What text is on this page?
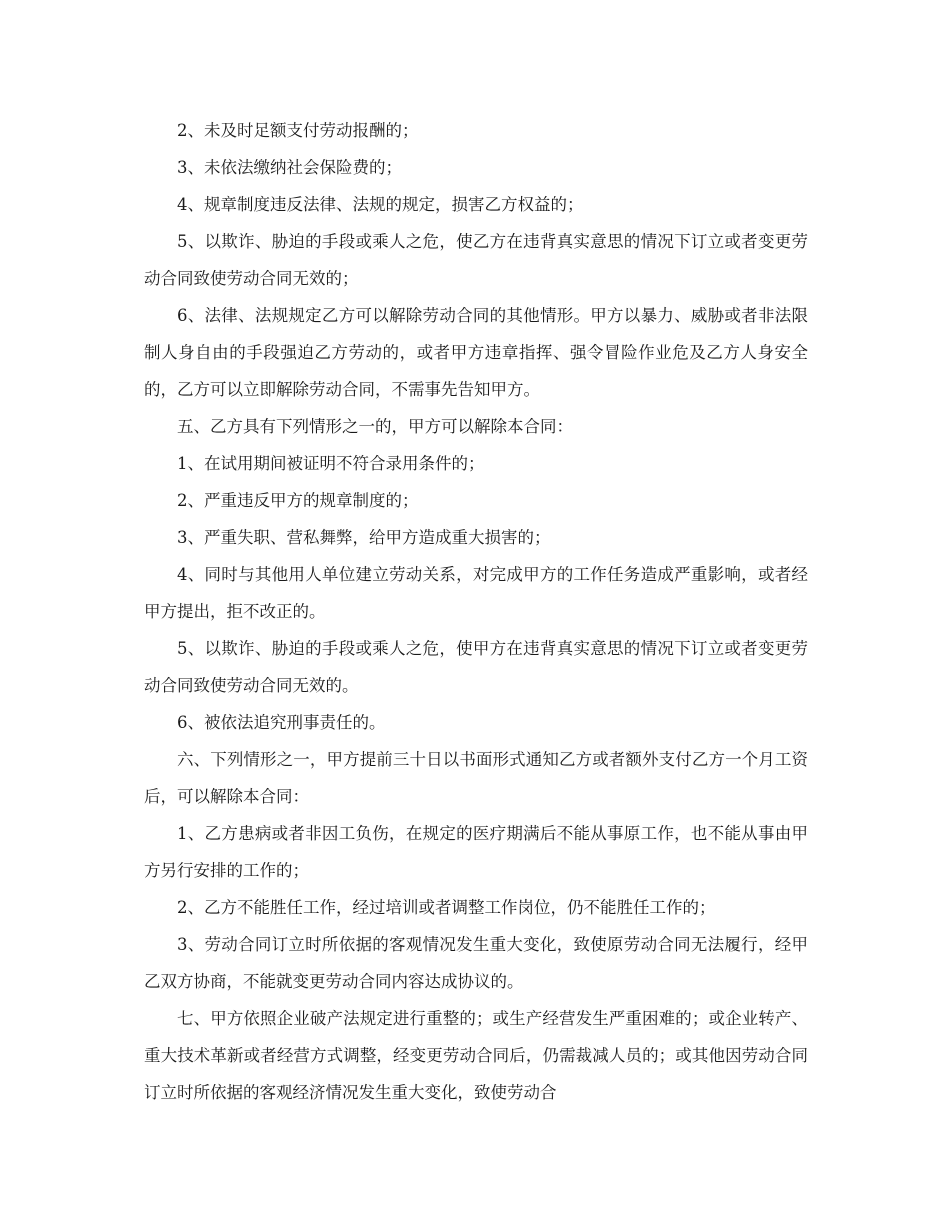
2、未及时足额支付劳动报酬的；

3、未依法缴纳社会保险费的；

4、规章制度违反法律、法规的规定，损害乙方权益的；

5、以欺诈、胁迫的手段或乘人之危，使乙方在违背真实意思的情况下订立或者变更劳动合同致使劳动合同无效的；

6、法律、法规规定乙方可以解除劳动合同的其他情形。甲方以暴力、威胁或者非法限制人身自由的手段强迫乙方劳动的，或者甲方违章指挥、强令冒险作业危及乙方人身安全的，乙方可以立即解除劳动合同，不需事先告知甲方。

五、乙方具有下列情形之一的，甲方可以解除本合同：

1、在试用期间被证明不符合录用条件的；

2、严重违反甲方的规章制度的；

3、严重失职、营私舞弊，给甲方造成重大损害的；

4、同时与其他用人单位建立劳动关系，对完成甲方的工作任务造成严重影响，或者经甲方提出，拒不改正的。

5、以欺诈、胁迫的手段或乘人之危，使甲方在违背真实意思的情况下订立或者变更劳动合同致使劳动合同无效的。

6、被依法追究刑事责任的。

六、下列情形之一，甲方提前三十日以书面形式通知乙方或者额外支付乙方一个月工资后，可以解除本合同：

1、乙方患病或者非因工负伤，在规定的医疗期满后不能从事原工作，也不能从事由甲方另行安排的工作的；

2、乙方不能胜任工作，经过培训或者调整工作岗位，仍不能胜任工作的；

3、劳动合同订立时所依据的客观情况发生重大变化，致使原劳动合同无法履行，经甲乙双方协商，不能就变更劳动合同内容达成协议的。

七、甲方依照企业破产法规定进行重整的；或生产经营发生严重困难的；或企业转产、重大技术革新或者经营方式调整，经变更劳动合同后，仍需裁减人员的；或其他因劳动合同订立时所依据的客观经济情况发生重大变化，致使劳动合
